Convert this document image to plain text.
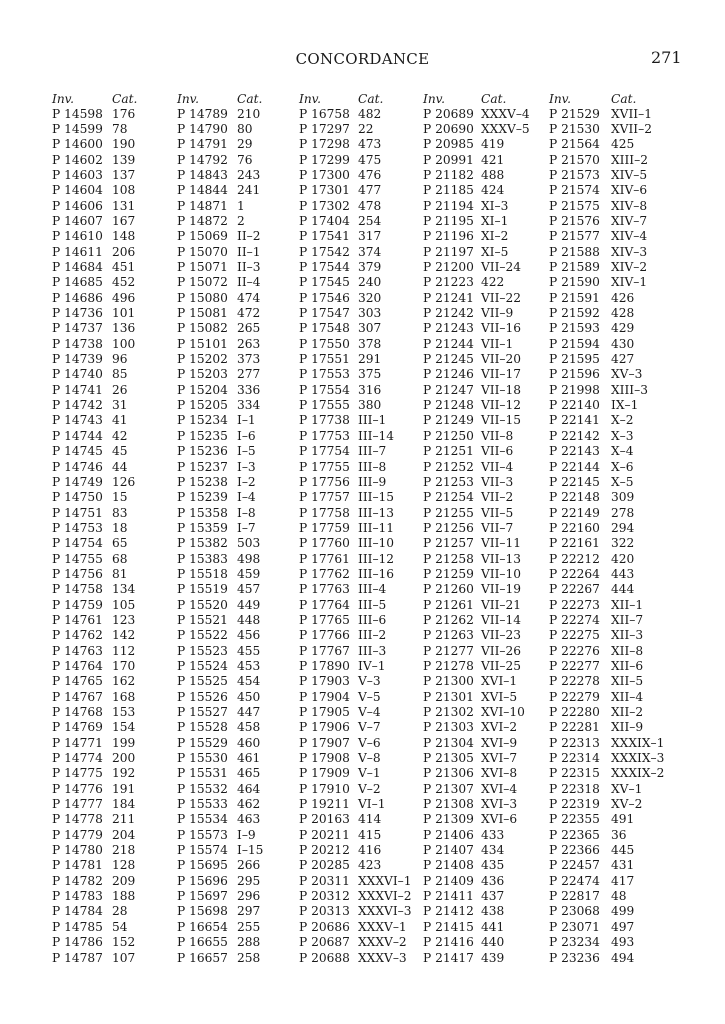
CONCORDANCE	271
Inv.	Cat.
P 14598 176
P 14599 78
P 14600 190
P 14602 139
P 14603 137
P 14604 108
P 14606 131
P 14607 167
P 14610 148
P 14611 206
P 14684 451
P 14685 452
P 14686 496
P 14736 101
P 14737 136
P 14738 100
P 14739 96
P 14740 85
P 14741 26
P 14742 31
P 14743 41
P 14744 42
P 14745 45
P 14746 44
P 14749 126
P 14750 15
P 14751 83
P 14753 18
P 14754 65
P 14755 68
P 14756 81
P 14758 134
P 14759 105
P 14761 123
P 14762 142
P 14763 112
P 14764 170
P 14765 162
P 14767 168
P 14768 153
P 14769 154
P 14771 199
P 14774 200
P 14775 192
P 14776 191
P 14777 184
P 14778 211
P 14779 204
P 14780 218
P 14781 128
P 14782 209
P 14783 188
P 14784 28
P 14785 54
P 14786 152
P 14787 107
Inv.	Cat.
P 14789 210
P 14790 80
P 14791 29
P 14792 76
P 14843 243
P 14844 241
P 14871 1
P 14872 2
P 15069 II–2
P 15070 II–1
P 15071 II–3
P 15072 II–4
P 15080 474
P 15081 472
P 15082 265
P 15101 263
P 15202 373
P 15203 277
P 15204 336
P 15205 334
P 15234 I–1
P 15235 I–6
P 15236 I–5
P 15237 I–3
P 15238 I–2
P 15239 I–4
P 15358 I–8
P 15359 I–7
P 15382 503
P 15383 498
P 15518 459
P 15519 457
P 15520 449
P 15521 448
P 15522 456
P 15523 455
P 15524 453
P 15525 454
P 15526 450
P 15527 447
P 15528 458
P 15529 460
P 15530 461
P 15531 465
P 15532 464
P 15533 462
P 15534 463
P 15573 I–9
P 15574 I–15
P 15695 266
P 15696 295
P 15697 296
P 15698 297
P 16654 255
P 16655 288
P 16657 258
Inv.	Cat.
P 16758 482
P 17297 22
P 17298 473
P 17299 475
P 17300 476
P 17301 477
P 17302 478
P 17404 254
P 17541 317
P 17542 374
P 17544 379
P 17545 240
P 17546 320
P 17547 303
P 17548 307
P 17550 378
P 17551 291
P 17553 375
P 17554 316
P 17555 380
P 17738 III–1
P 17753 III–14
P 17754 III–7
P 17755 III–8
P 17756 III–9
P 17757 III–15
P 17758 III–13
P 17759 III–11
P 17760 III–10
P 17761 III–12
P 17762 III–16
P 17763 III–4
P 17764 III–5
P 17765 III–6
P 17766 III–2
P 17767 III–3
P 17890 IV–1
P 17903 V–3
P 17904 V–5
P 17905 V–4
P 17906 V–7
P 17907 V–6
P 17908 V–8
P 17909 V–1
P 17910 V–2
P 19211 VI–1
P 20163 414
P 20211 415
P 20212 416
P 20285 423
P 20311 XXXVI–1
P 20312 XXXVI–2
P 20313 XXXVI–3
P 20686 XXXV–1
P 20687 XXXV–2
P 20688 XXXV–3
Inv.	Cat.
P 20689 XXXV–4
P 20690 XXXV–5
P 20985 419
P 20991 421
P 21182 488
P 21185 424
P 21194 XI–3
P 21195 XI–1
P 21196 XI–2
P 21197 XI–5
P 21200 VII–24
P 21223 422
P 21241 VII–22
P 21242 VII–9
P 21243 VII–16
P 21244 VII–1
P 21245 VII–20
P 21246 VII–17
P 21247 VII–18
P 21248 VII–12
P 21249 VII–15
P 21250 VII–8
P 21251 VII–6
P 21252 VII–4
P 21253 VII–3
P 21254 VII–2
P 21255 VII–5
P 21256 VII–7
P 21257 VII–11
P 21258 VII–13
P 21259 VII–10
P 21260 VII–19
P 21261 VII–21
P 21262 VII–14
P 21263 VII–23
P 21277 VII–26
P 21278 VII–25
P 21300 XVI–1
P 21301 XVI–5
P 21302 XVI–10
P 21303 XVI–2
P 21304 XVI–9
P 21305 XVI–7
P 21306 XVI–8
P 21307 XVI–4
P 21308 XVI–3
P 21309 XVI–6
P 21406 433
P 21407 434
P 21408 435
P 21409 436
P 21411 437
P 21412 438
P 21415 441
P 21416 440
P 21417 439
Inv.	Cat.
P 21529 XVII–1
P 21530 XVII–2
P 21564 425
P 21570 XIII–2
P 21573 XIV–5
P 21574 XIV–6
P 21575 XIV–8
P 21576 XIV–7
P 21577 XIV–4
P 21588 XIV–3
P 21589 XIV–2
P 21590 XIV–1
P 21591 426
P 21592 428
P 21593 429
P 21594 430
P 21595 427
P 21596 XV–3
P 21998 XIII–3
P 22140 IX–1
P 22141 X–2
P 22142 X–3
P 22143 X–4
P 22144 X–6
P 22145 X–5
P 22148 309
P 22149 278
P 22160 294
P 22161 322
P 22212 420
P 22264 443
P 22267 444
P 22273 XII–1
P 22274 XII–7
P 22275 XII–3
P 22276 XII–8
P 22277 XII–6
P 22278 XII–5
P 22279 XII–4
P 22280 XII–2
P 22281 XII–9
P 22313 XXXIX–1
P 22314 XXXIX–3
P 22315 XXXIX–2
P 22318 XV–1
P 22319 XV–2
P 22355 491
P 22365 36
P 22366 445
P 22457 431
P 22474 417
P 22817 48
P 23068 499
P 23071 497
P 23234 493
P 23236 494
